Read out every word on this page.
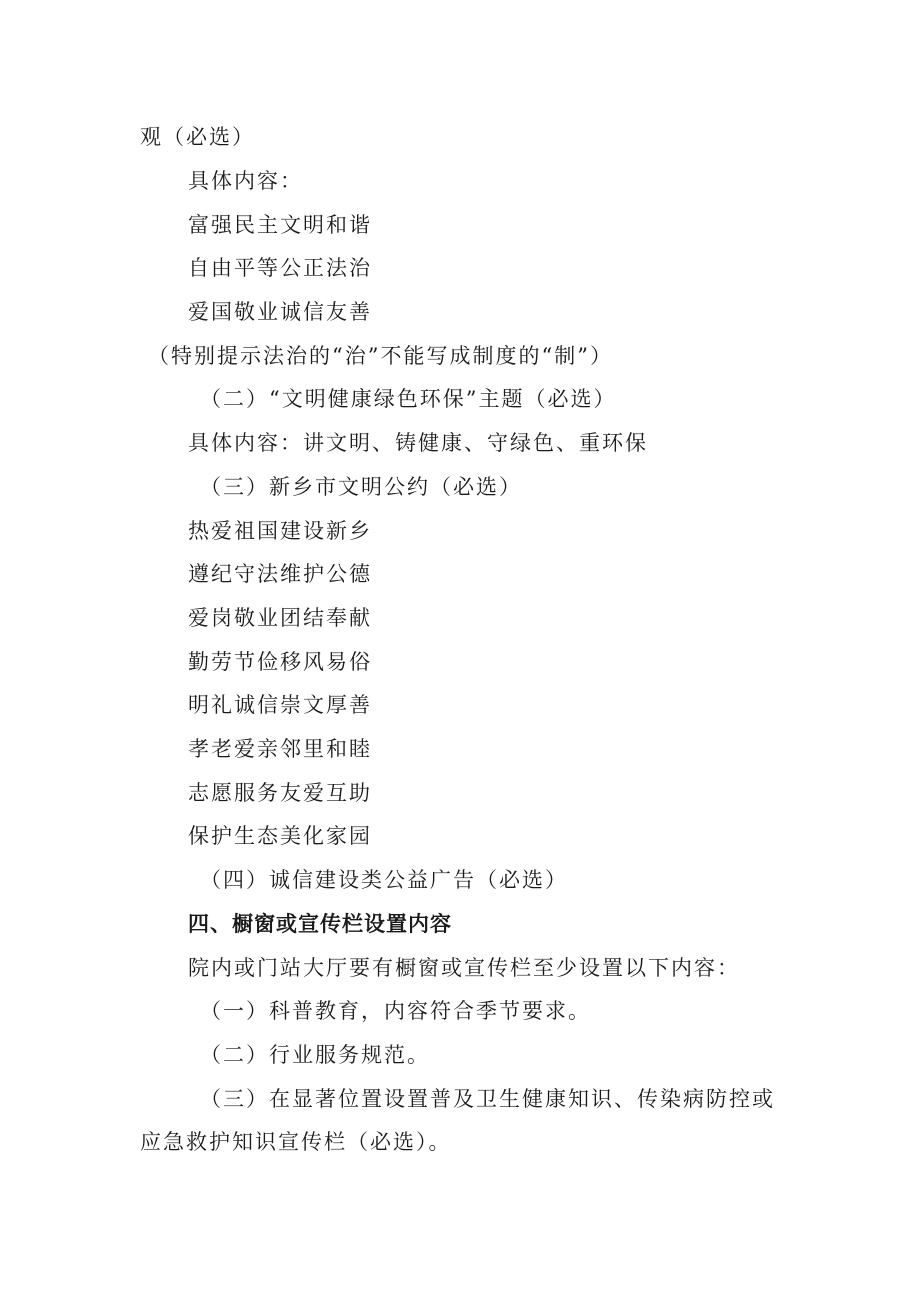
观（必选）
具体内容：
富强民主文明和谐
自由平等公正法治
爱国敬业诚信友善
（特别提示法治的“治”不能写成制度的“制”）
（二）“文明健康绿色环保”主题（必选）
具体内容：讲文明、铸健康、守绿色、重环保
（三）新乡市文明公约（必选）
热爱祖国建设新乡
遵纪守法维护公德
爱岗敬业团结奉献
勤劳节俭移风易俗
明礼诚信崇文厚善
孝老爱亲邻里和睦
志愿服务友爱互助
保护生态美化家园
（四）诚信建设类公益广告（必选）
四、橱窗或宣传栏设置内容
院内或门站大厅要有橱窗或宣传栏至少设置以下内容：
（一）科普教育，内容符合季节要求。
（二）行业服务规范。
（三）在显著位置设置普及卫生健康知识、传染病防控或
应急救护知识宣传栏（必选）。
